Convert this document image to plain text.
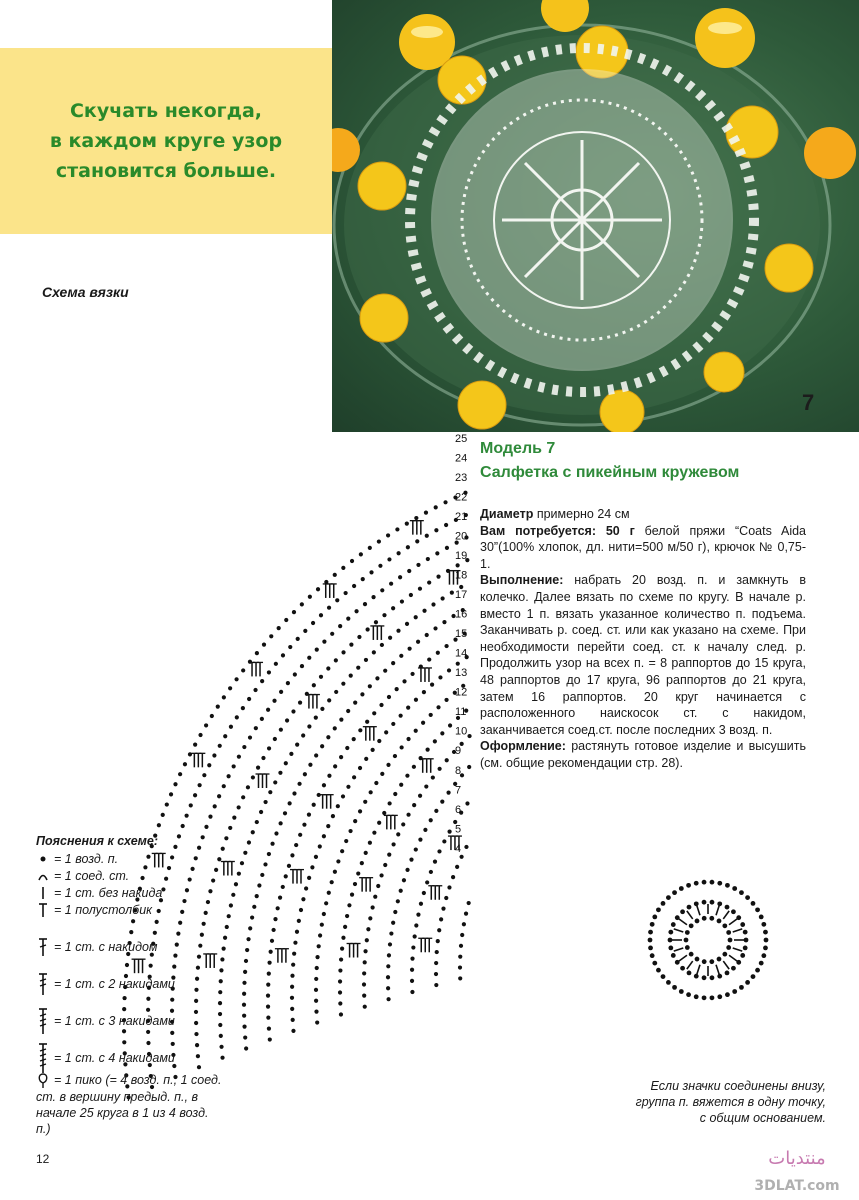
Скучать некогда,
в каждом круге узор
становится больше.
7
Схема вязки
Модель 7
Салфетка с пикейным кружевом

Диаметр примерно 24 см

Вам потребуется: 50 г белой пряжи “Coats Aida 30”(100% хлопок, дл. нити=500 м/50 г), крючок № 0,75-1.

Выполнение: набрать 20 возд. п. и замкнуть в колечко. Далее вязать по схеме по кругу. В начале р. вместо 1 п. вязать указанное количество п. подъема. Заканчивать р. соед. ст. или как указано на схеме. При необходимости перейти соед. ст. к началу след. р. Продолжить узор на всех п. = 8 раппортов до 15 круга, 48 раппортов до 17 круга, 96 раппортов до 21 круга, затем 16 раппортов. 20 круг начинается с расположенного наискосок ст. с накидом, заканчивается соед.ст. после последних 3 возд. п.

Оформление: растянуть готовое изделие и высушить (см. общие рекомендации стр. 28).

25
24
23
22
21
20
19
18
17
16
15
14
13
12
11
10
9
8
7
6
5
4
Пояснения к схеме:
= 1 возд. п.
= 1 соед. ст.
= 1 ст. без накида
= 1 полустолбик
= 1 ст. с накидом
= 1 ст. с 2 накидами
= 1 ст. с 3 накидами
= 1 ст. с 4 накидами
= 1 пико (= 4 возд. п., 1 соед. ст. в вершину предыд. п., в начале 25 круга в 1 из 4 возд. п.)
Если значки соединены внизу, группа п. вяжется в одну точку, с общим основанием.
12	منتديات
3DLAT.com
